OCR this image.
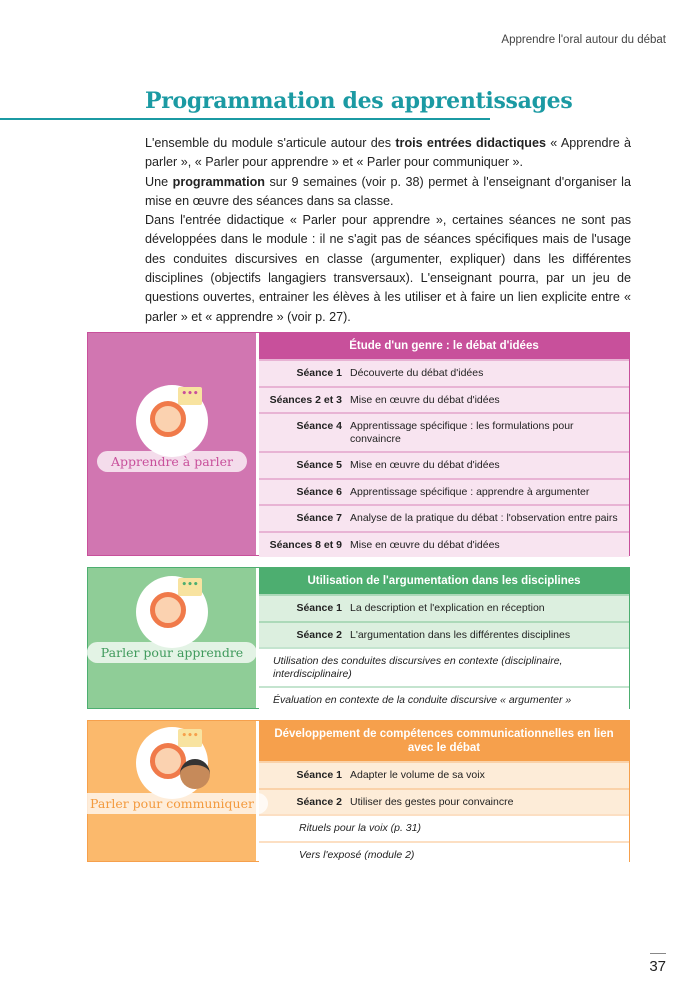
Apprendre l'oral autour du débat
Programmation des apprentissages
L'ensemble du module s'articule autour des trois entrées didactiques « Apprendre à parler », « Parler pour apprendre » et « Parler pour communiquer ».
Une programmation sur 9 semaines (voir p. 38) permet à l'enseignant d'organiser la mise en œuvre des séances dans sa classe.
Dans l'entrée didactique « Parler pour apprendre », certaines séances ne sont pas développées dans le module : il ne s'agit pas de séances spécifiques mais de l'usage des conduites discursives en classe (argumenter, expliquer) dans les différentes disciplines (objectifs langagiers transversaux). L'enseignant pourra, par un jeu de questions ouvertes, entrainer les élèves à les utiliser et à faire un lien explicite entre « parler » et « apprendre » (voir p. 27).
•••
Apprendre à parler
Étude d'un genre : le débat d'idées
Séance 1 Découverte du débat d'idées
Séances 2 et 3 Mise en œuvre du débat d'idées
Séance 4 Apprentissage spécifique : les formulations pour convaincre
Séance 5 Mise en œuvre du débat d'idées
Séance 6 Apprentissage spécifique : apprendre à argumenter
Séance 7 Analyse de la pratique du débat : l'observation entre pairs
Séances 8 et 9 Mise en œuvre du débat d'idées
•••
Parler pour apprendre
Utilisation de l'argumentation dans les disciplines
Séance 1 La description et l'explication en réception
Séance 2 L'argumentation dans les différentes disciplines
Utilisation des conduites discursives en contexte (disciplinaire, interdisciplinaire)
Évaluation en contexte de la conduite discursive « argumenter »
•••
Parler pour communiquer
Développement de compétences communicationnelles en lien avec le débat
Séance 1 Adapter le volume de sa voix
Séance 2 Utiliser des gestes pour convaincre
Rituels pour la voix (p. 31)
Vers l'exposé (module 2)
37
